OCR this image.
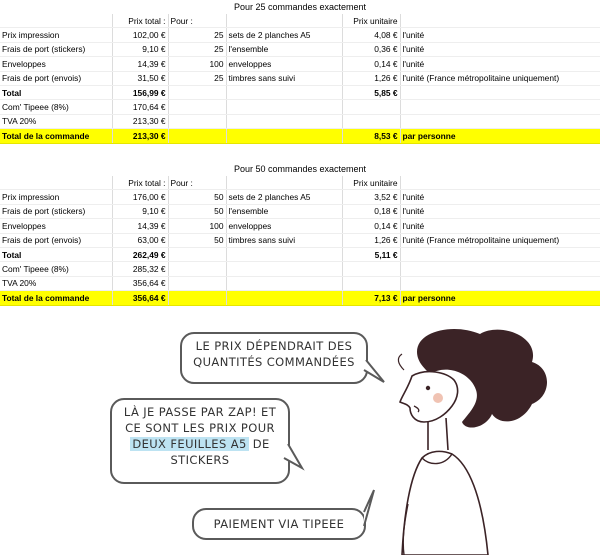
Pour 25 commandes exactement
	Prix total :	Pour :		Prix unitaire	
Prix impression	102,00 €	25	sets de 2 planches A5	4,08 €	l'unité
Frais de port (stickers)	9,10 €	25	l'ensemble	0,36 €	l'unité
Enveloppes	14,39 €	100	enveloppes	0,14 €	l'unité
Frais de port (envois)	31,50 €	25	timbres sans suivi	1,26 €	l'unité (France métropolitaine uniquement)
Total	156,99 €			5,85 €	
Com' Tipeee (8%)	170,64 €				
TVA 20%	213,30 €				
Total de la commande	213,30 €			8,53 €	par personne
Pour 50 commandes exactement
	Prix total :	Pour :		Prix unitaire	
Prix impression	176,00 €	50	sets de 2 planches A5	3,52 €	l'unité
Frais de port (stickers)	9,10 €	50	l'ensemble	0,18 €	l'unité
Enveloppes	14,39 €	100	enveloppes	0,14 €	l'unité
Frais de port (envois)	63,00 €	50	timbres sans suivi	1,26 €	l'unité (France métropolitaine uniquement)
Total	262,49 €			5,11 €	
Com' Tipeee (8%)	285,32 €				
TVA 20%	356,64 €				
Total de la commande	356,64 €			7,13 €	par personne
LE PRIX DÉPENDRAIT DES
QUANTITÉS COMMANDÉES
LÀ JE PASSE PAR ZAP! ET
CE SONT LES PRIX POUR
DEUX FEUILLES A5 DE
STICKERS
PAIEMENT VIA TIPEEE
